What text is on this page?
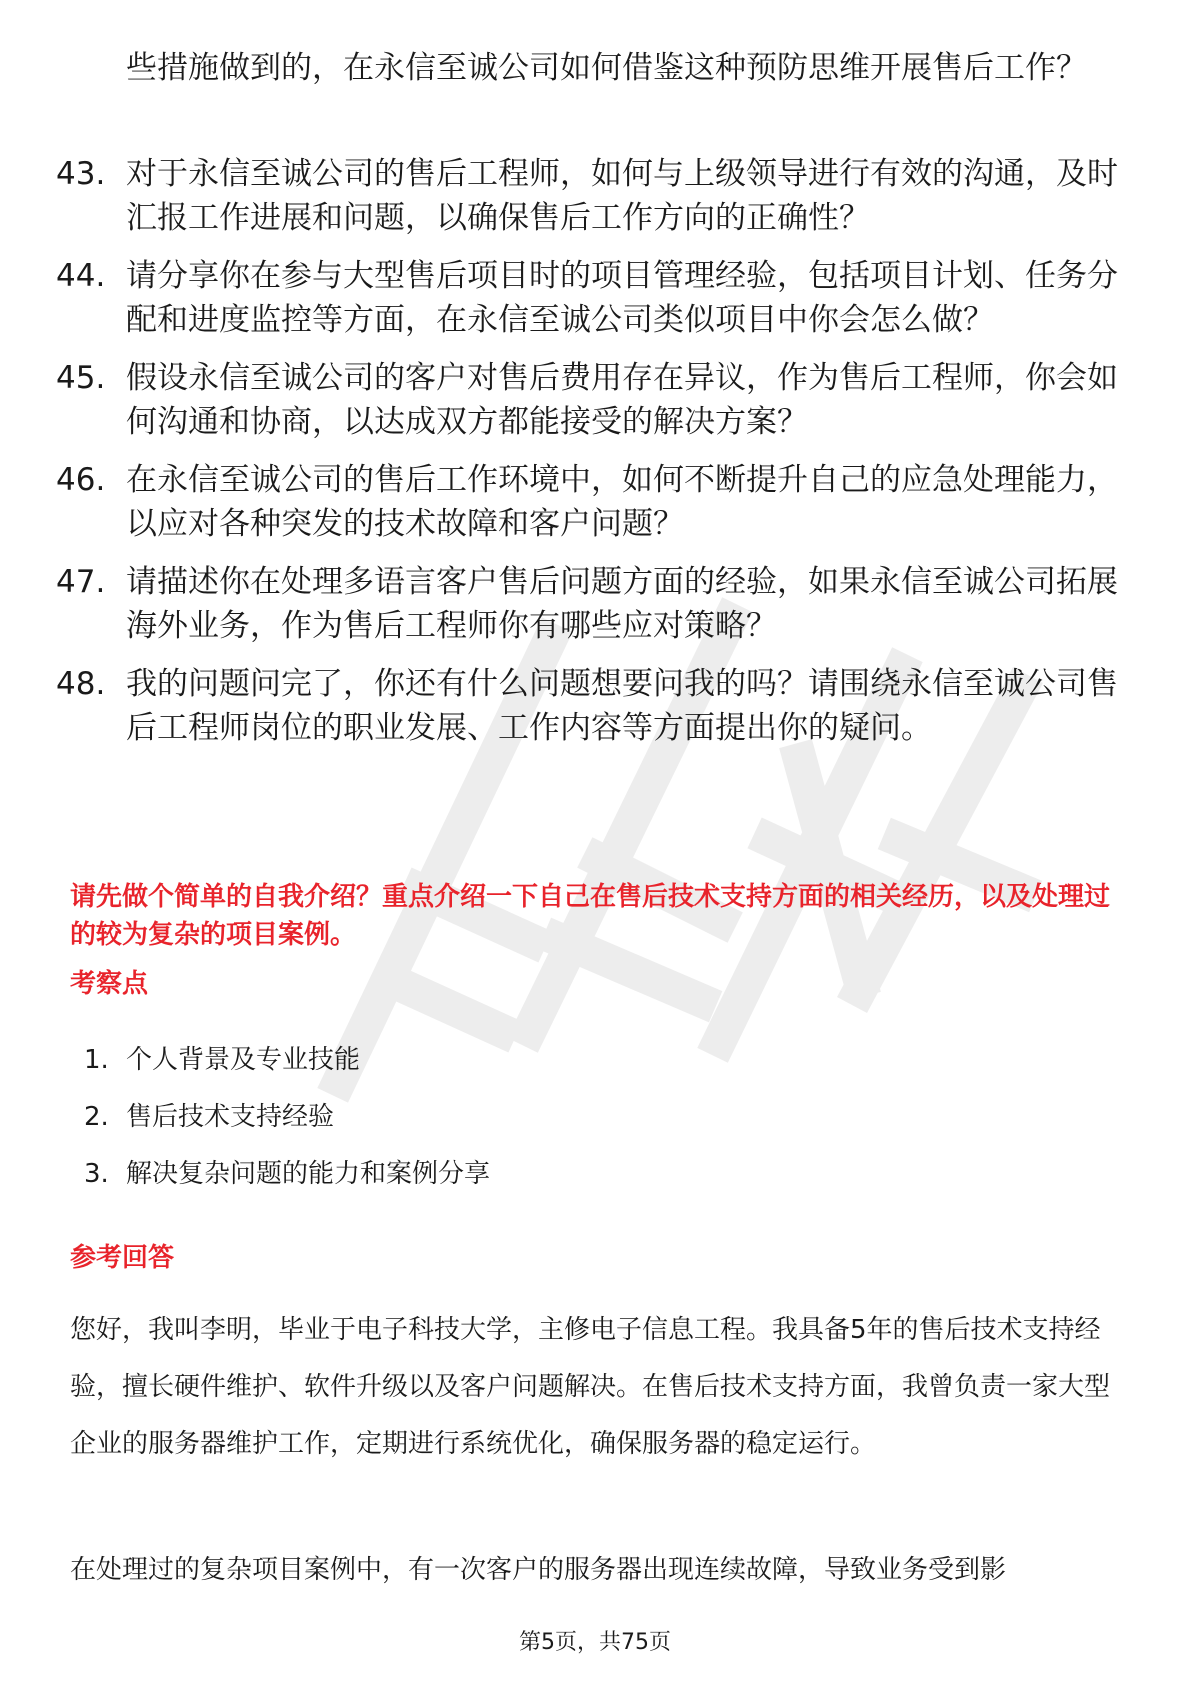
些措施做到的，在永信至诚公司如何借鉴这种预防思维开展售后工作？
43. 对于永信至诚公司的售后工程师，如何与上级领导进行有效的沟通，及时汇报工作进展和问题，以确保售后工作方向的正确性？
44. 请分享你在参与大型售后项目时的项目管理经验，包括项目计划、任务分配和进度监控等方面，在永信至诚公司类似项目中你会怎么做？
45. 假设永信至诚公司的客户对售后费用存在异议，作为售后工程师，你会如何沟通和协商，以达成双方都能接受的解决方案？
46. 在永信至诚公司的售后工作环境中，如何不断提升自己的应急处理能力，以应对各种突发的技术故障和客户问题？
47. 请描述你在处理多语言客户售后问题方面的经验，如果永信至诚公司拓展海外业务，作为售后工程师你有哪些应对策略？
48. 我的问题问完了，你还有什么问题想要问我的吗？请围绕永信至诚公司售后工程师岗位的职业发展、工作内容等方面提出你的疑问。
请先做个简单的自我介绍？重点介绍一下自己在售后技术支持方面的相关经历，以及处理过的较为复杂的项目案例。
考察点
1. 个人背景及专业技能
2. 售后技术支持经验
3. 解决复杂问题的能力和案例分享
参考回答
您好，我叫李明，毕业于电子科技大学，主修电子信息工程。我具备5年的售后技术支持经验，擅长硬件维护、软件升级以及客户问题解决。在售后技术支持方面，我曾负责一家大型企业的服务器维护工作，定期进行系统优化，确保服务器的稳定运行。
在处理过的复杂项目案例中，有一次客户的服务器出现连续故障，导致业务受到影
第5页，共75页
